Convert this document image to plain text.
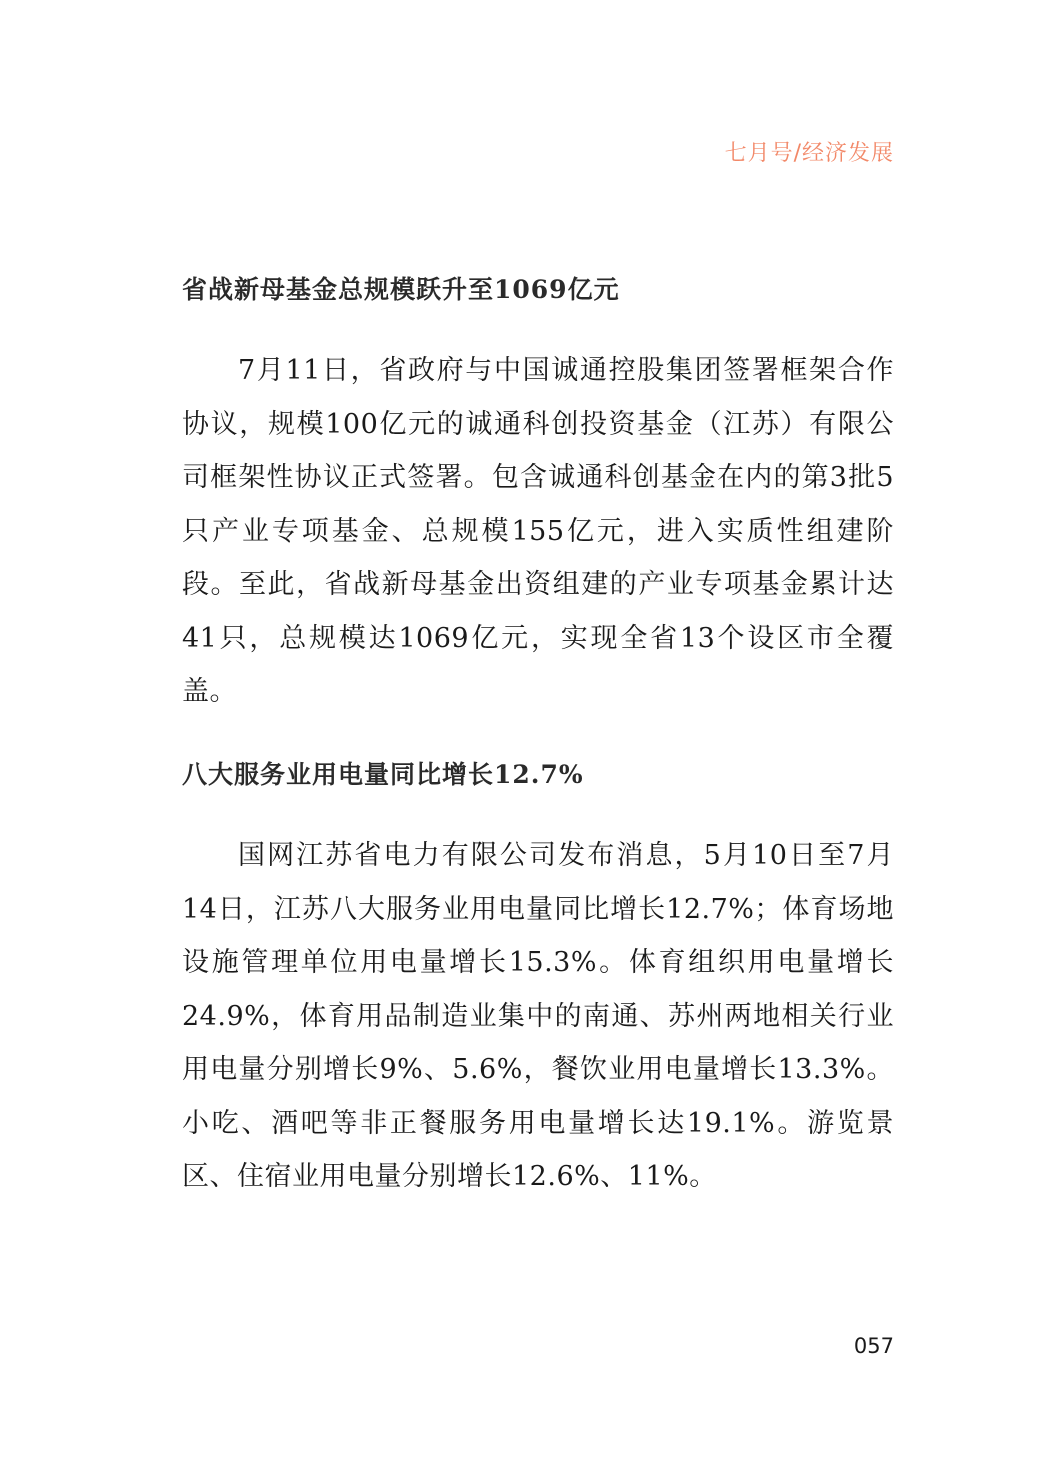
七月号/经济发展
省战新母基金总规模跃升至1069亿元

7月11日，省政府与中国诚通控股集团签署框架合作协议，规模100亿元的诚通科创投资基金（江苏）有限公司框架性协议正式签署。包含诚通科创基金在内的第3批5只产业专项基金、总规模155亿元，进入实质性组建阶段。至此，省战新母基金出资组建的产业专项基金累计达41只，总规模达1069亿元，实现全省13个设区市全覆盖。

八大服务业用电量同比增长12.7%

国网江苏省电力有限公司发布消息，5月10日至7月14日，江苏八大服务业用电量同比增长12.7%；体育场地设施管理单位用电量增长15.3%。体育组织用电量增长24.9%，体育用品制造业集中的南通、苏州两地相关行业用电量分别增长9%、5.6%，餐饮业用电量增长13.3%。小吃、酒吧等非正餐服务用电量增长达19.1%。游览景区、住宿业用电量分别增长12.6%、11%。

057
